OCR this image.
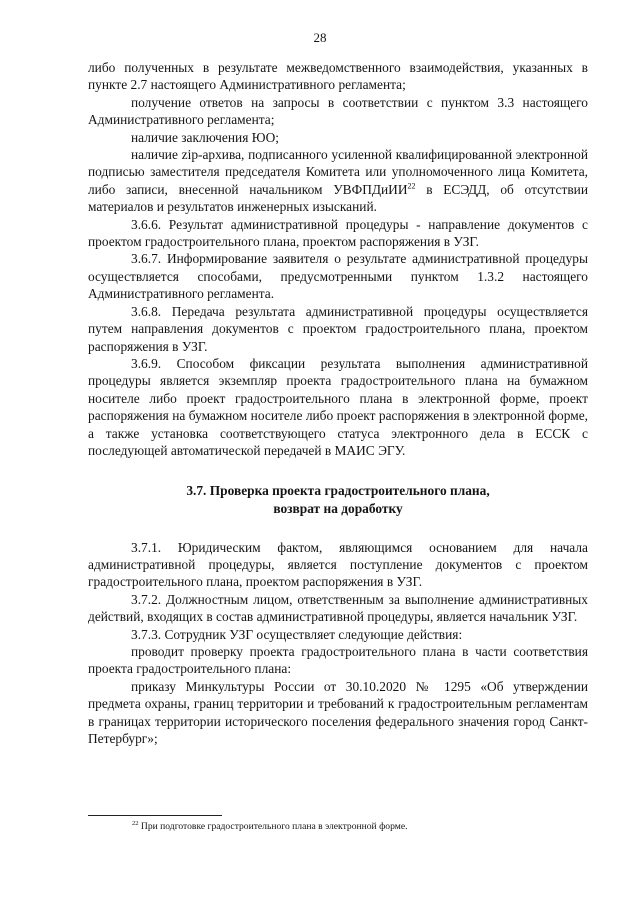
28

либо полученных в результате межведомственного взаимодействия, указанных в пункте 2.7 настоящего Административного регламента;

получение ответов на запросы в соответствии с пунктом 3.3 настоящего Административного регламента;

наличие заключения ЮО;

наличие zip-архива, подписанного усиленной квалифицированной электронной подписью заместителя председателя Комитета или уполномоченного лица Комитета, либо записи, внесенной начальником УВФПДиИИ$^{22}$ в ЕСЭДД, об отсутствии материалов и результатов инженерных изысканий.

3.6.6. Результат административной процедуры - направление документов с проектом градостроительного плана, проектом распоряжения в УЗГ.

3.6.7. Информирование заявителя о результате административной процедуры осуществляется способами, предусмотренными пунктом 1.3.2 настоящего Административного регламента.

3.6.8. Передача результата административной процедуры осуществляется путем направления документов с проектом градостроительного плана, проектом распоряжения в УЗГ.

3.6.9. Способом фиксации результата выполнения административной процедуры является экземпляр проекта градостроительного плана на бумажном носителе либо проект градостроительного плана в электронной форме, проект распоряжения на бумажном носителе либо проект распоряжения в электронной форме, а также установка соответствующего статуса электронного дела в ЕССК с последующей автоматической передачей в МАИС ЭГУ.

3.7. Проверка проекта градостроительного плана,

возврат на доработку

3.7.1. Юридическим фактом, являющимся основанием для начала административной процедуры, является поступление документов с проектом градостроительного плана, проектом распоряжения в УЗГ.

3.7.2. Должностным лицом, ответственным за выполнение административных действий, входящих в состав административной процедуры, является начальник УЗГ.

3.7.3. Сотрудник УЗГ осуществляет следующие действия:

проводит проверку проекта градостроительного плана в части соответствия проекта градостроительного плана:

приказу Минкультуры России от 30.10.2020 № 1295 «Об утверждении предмета охраны, границ территории и требований к градостроительным регламентам в границах территории исторического поселения федерального значения город Санкт-Петербург»;

$^{22}$ При подготовке градостроительного плана в электронной форме.
